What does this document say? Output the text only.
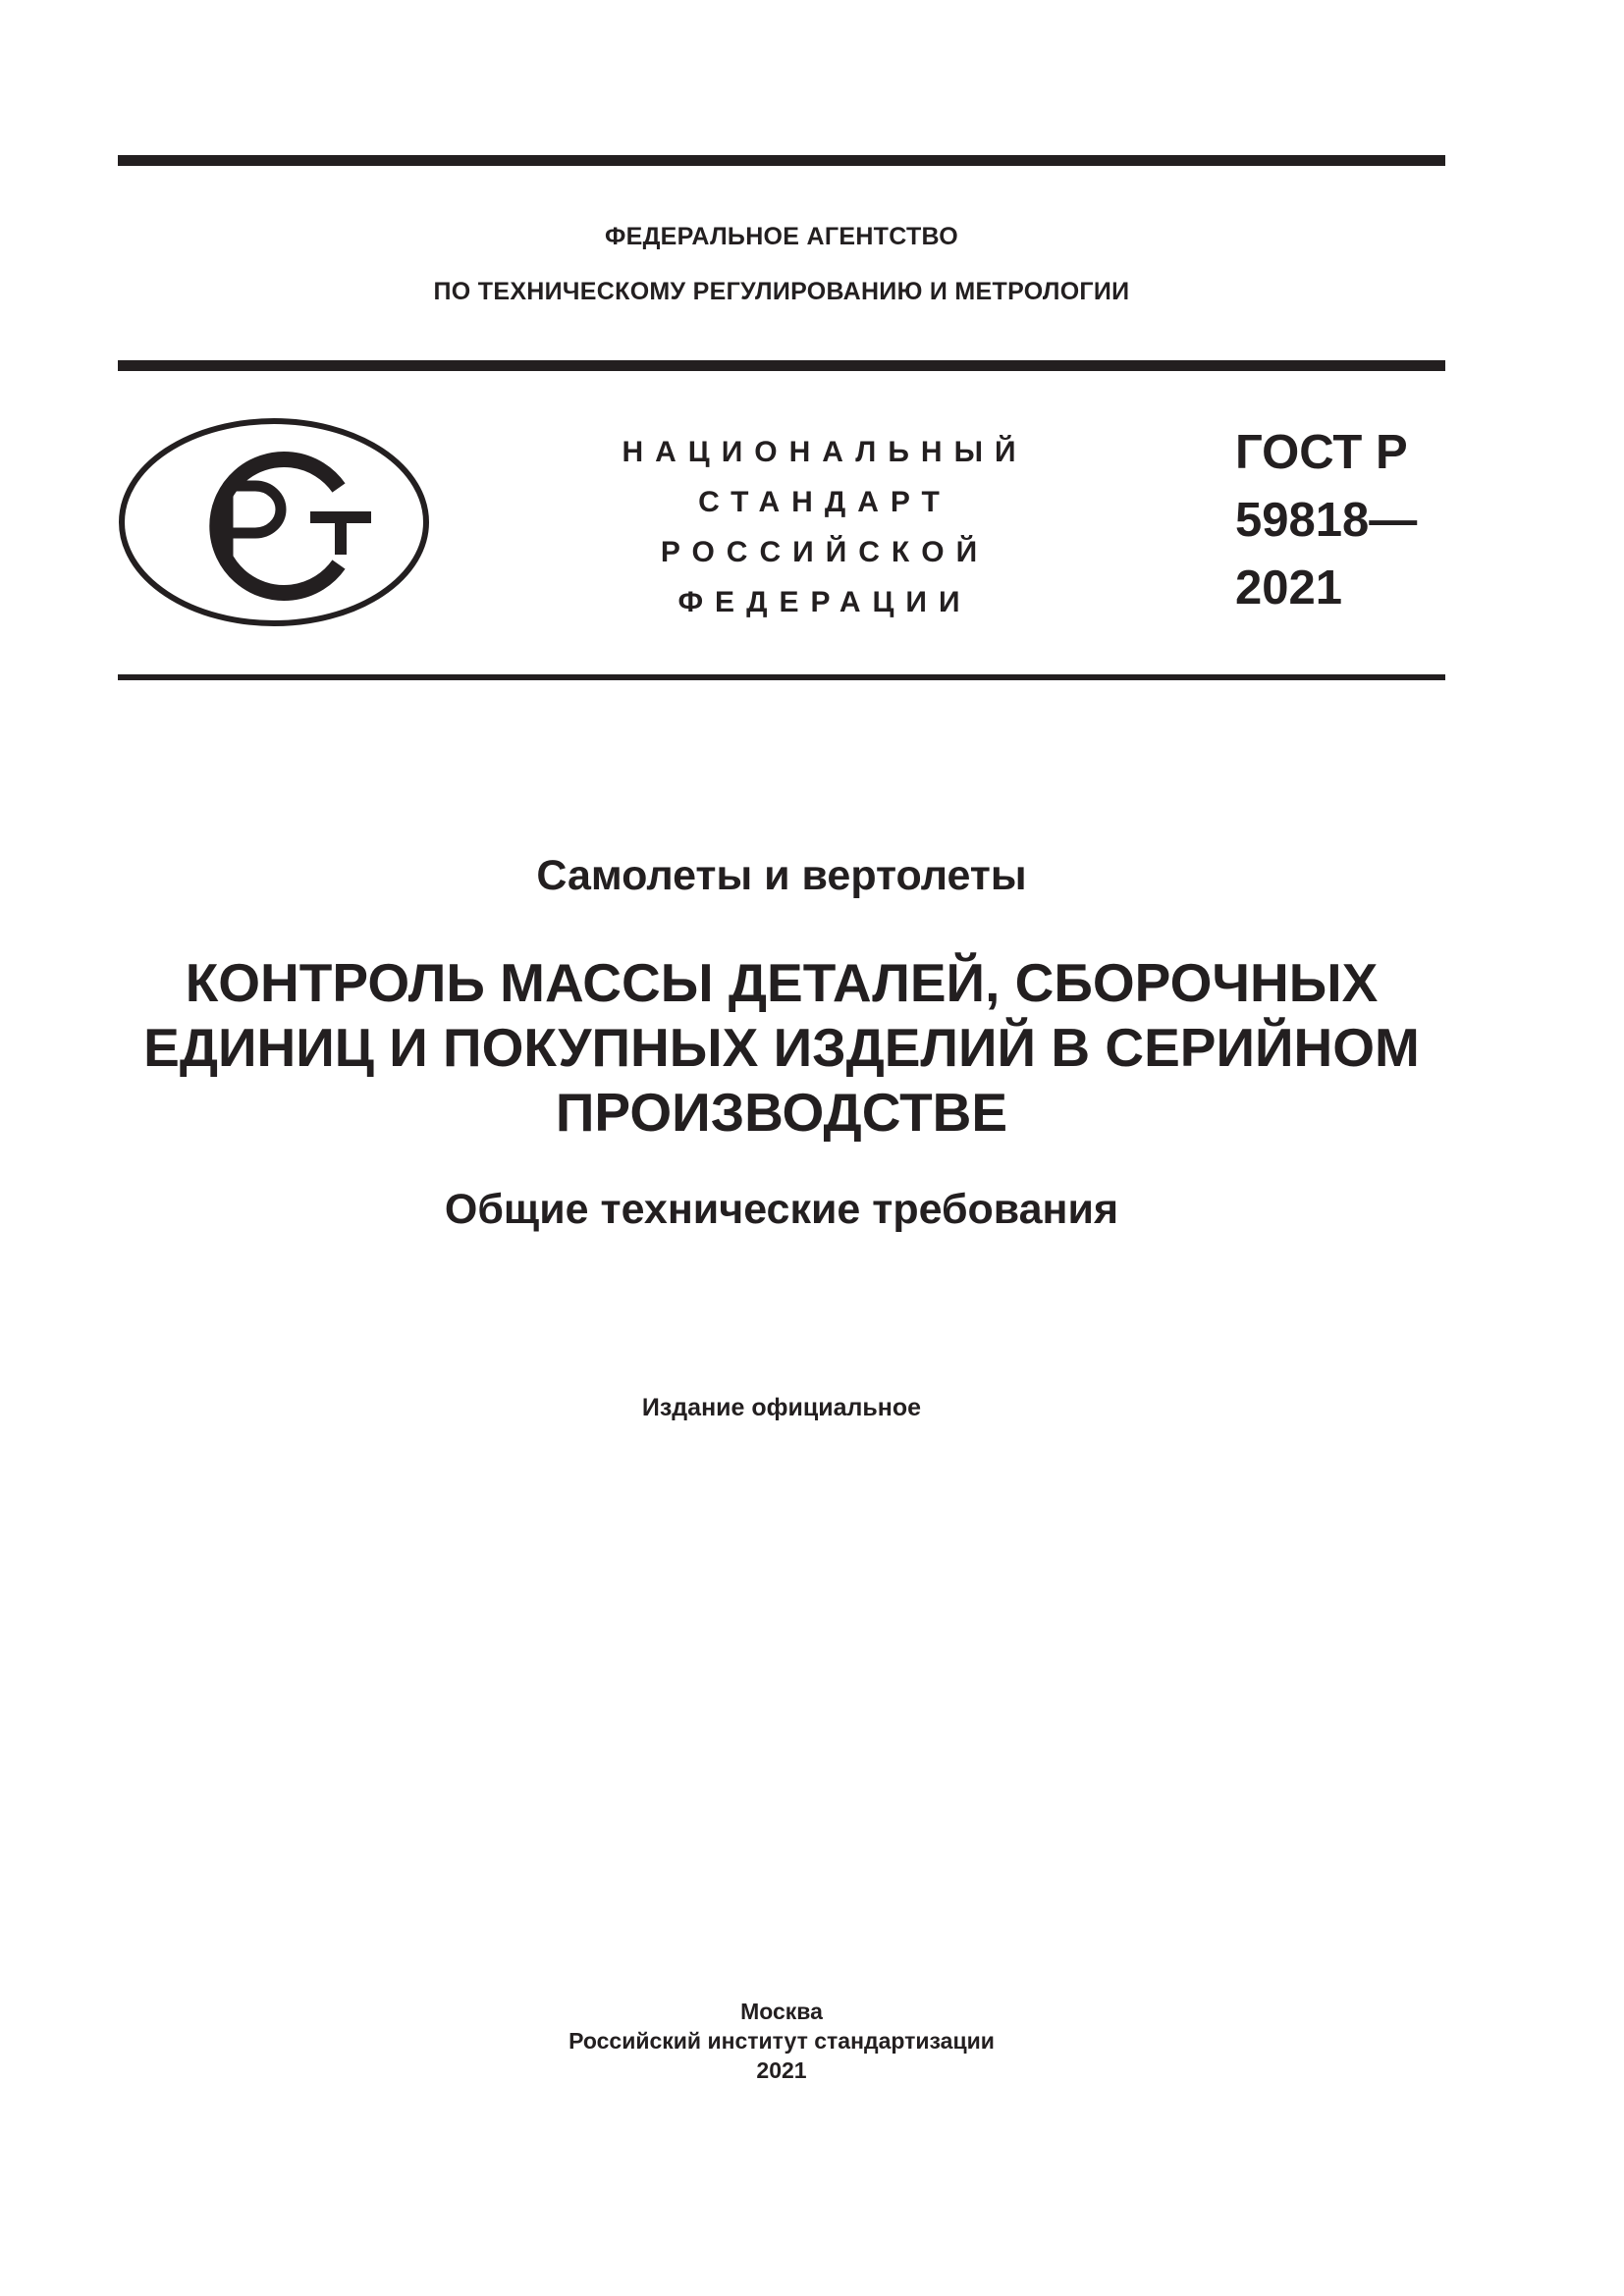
ФЕДЕРАЛЬНОЕ АГЕНТСТВО
ПО ТЕХНИЧЕСКОМУ РЕГУЛИРОВАНИЮ И МЕТРОЛОГИИ
НАЦИОНАЛЬНЫЙ
СТАНДАРТ
РОССИЙСКОЙ
ФЕДЕРАЦИИ
ГОСТ Р
59818—
2021
Самолеты и вертолеты
КОНТРОЛЬ МАССЫ ДЕТАЛЕЙ, СБОРОЧНЫХ
ЕДИНИЦ И ПОКУПНЫХ ИЗДЕЛИЙ В СЕРИЙНОМ
ПРОИЗВОДСТВЕ
Общие технические требования
Издание официальное
Москва
Российский институт стандартизации
2021
